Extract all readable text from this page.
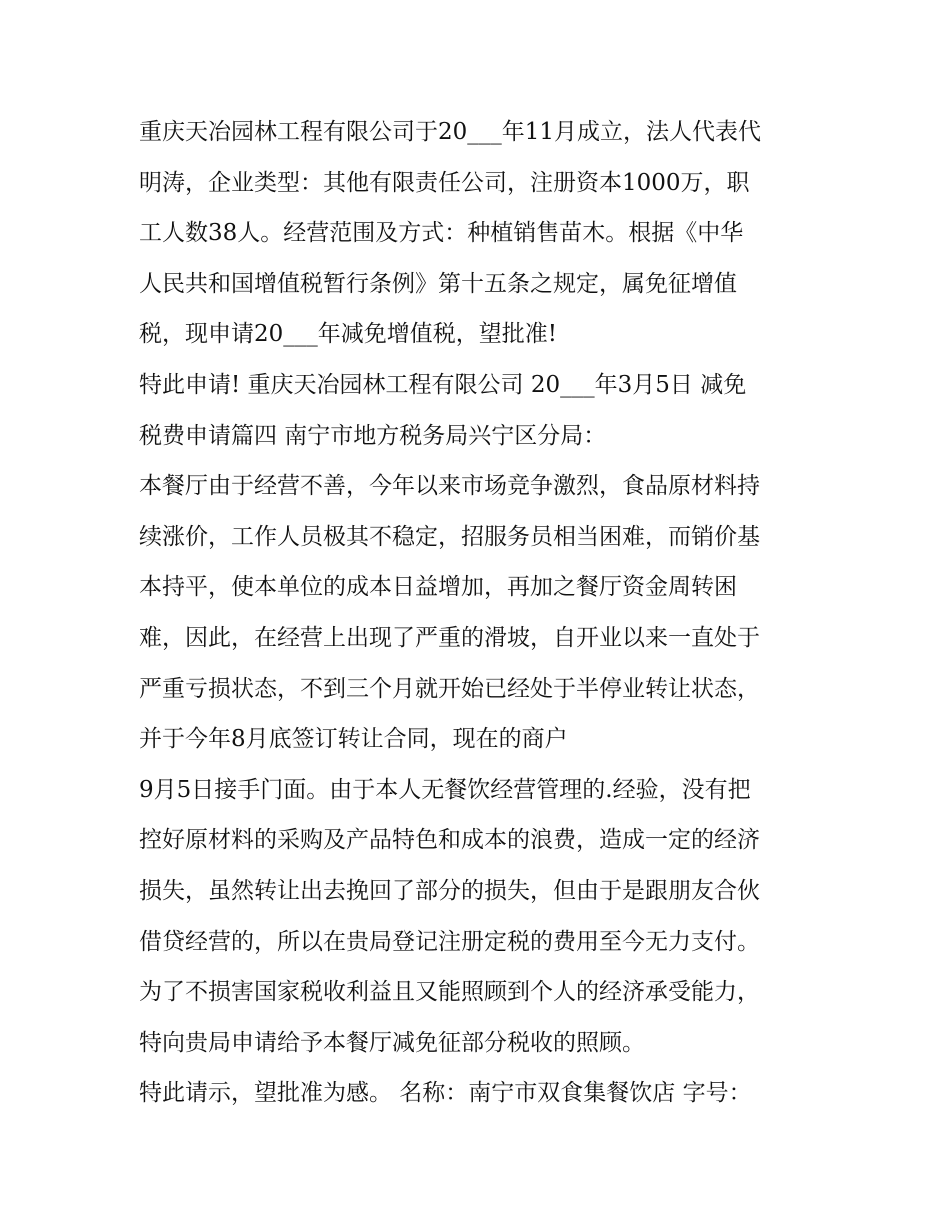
重庆天冶园林工程有限公司于20___年11月成立，法人代表代
明涛，企业类型：其他有限责任公司，注册资本1000万，职
工人数38人。经营范围及方式：种植销售苗木。根据《中华
人民共和国增值税暂行条例》第十五条之规定，属免征增值
税，现申请20___年减免增值税，望批准!
特此申请! 重庆天冶园林工程有限公司 20___年3月5日 减免
税费申请篇四 南宁市地方税务局兴宁区分局：
本餐厅由于经营不善，今年以来市场竞争激烈，食品原材料持
续涨价，工作人员极其不稳定，招服务员相当困难，而销价基
本持平，使本单位的成本日益增加，再加之餐厅资金周转困
难，因此，在经营上出现了严重的滑坡，自开业以来一直处于
严重亏损状态，不到三个月就开始已经处于半停业转让状态，
并于今年8月底签订转让合同，现在的商户
9月5日接手门面。由于本人无餐饮经营管理的.经验，没有把
控好原材料的采购及产品特色和成本的浪费，造成一定的经济
损失，虽然转让出去挽回了部分的损失，但由于是跟朋友合伙
借贷经营的，所以在贵局登记注册定税的费用至今无力支付。
为了不损害国家税收利益且又能照顾到个人的经济承受能力，
特向贵局申请给予本餐厅减免征部分税收的照顾。
特此请示，望批准为感。 名称：南宁市双食集餐饮店 字号：
